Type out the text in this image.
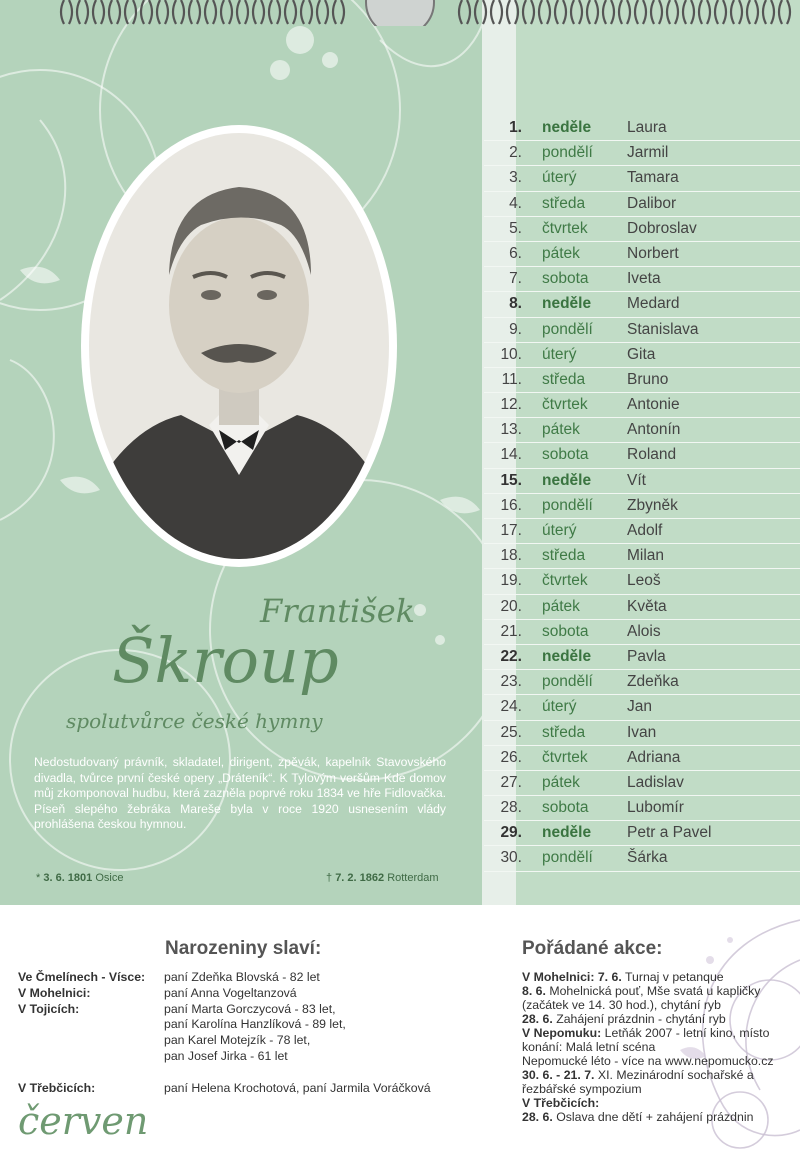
František
Škroup
spolutvůrce české hymny

Nedostudovaný právník, skladatel, dirigent, zpěvák, kapelník Stavovského divadla, tvůrce první české opery „Dráteník“. K Tylovým veršům Kde domov můj zkomponoval hudbu, která zazněla poprvé roku 1834 ve hře Fidlovačka. Píseň slepého žebráka Mareše byla v roce 1920 usnesením vlády prohlášena českou hymnou.

* 3. 6. 1801 Osice	† 7. 2. 1862 Rotterdam
1. neděle Laura
2. pondělí Jarmil
3. úterý	Tamara
4. středa	Dalibor
5. čtvrtek	Dobroslav
6. pátek	Norbert
7. sobota Iveta
8. neděle Medard
9. pondělí Stanislava
10. úterý	Gita
11. středa	Bruno
12. čtvrtek	Antonie
13. pátek	Antonín
14. sobota Roland
15. neděle Vít
16. pondělí Zbyněk
17. úterý	Adolf
18. středa	Milan
19. čtvrtek	Leoš
20. pátek	Květa
21. sobota Alois
22. neděle Pavla
23. pondělí Zdeňka
24. úterý	Jan
25. středa	Ivan
26. čtvrtek	Adriana
27. pátek	Ladislav
28. sobota Lubomír
29. neděle Petr a Pavel
30. pondělí Šárka
Narozeniny slaví:
Ve Čmelínech - Vísce: paní Zdeňka Blovská - 82 let
V Mohelnici:	paní Anna Vogeltanzová
V Tojicích:	paní Marta Gorczycová - 83 let,
paní Karolína Hanzlíková - 89 let,
pan Karel Motejzík - 78 let,
pan Josef Jirka - 61 let
V Třebčicích:	paní Helena Krochotová, paní Jarmila Voráčková
Pořádané akce:

V Mohelnici: 7. 6. Turnaj v petanque

8. 6. Mohelnická pouť, Mše svatá u kapličky (začátek ve 14. 30 hod.), chytání ryb

28. 6. Zahájení prázdnin - chytání ryb

V Nepomuku: Letňák 2007 - letní kino, místo konání: Malá letní scéna

Nepomucké léto - více na www.nepomucko.cz

30. 6. - 21. 7. XI. Mezinárodní sochařské a řezbářské sympozium

V Třebčicích:

28. 6. Oslava dne dětí + zahájení prázdnin

červen
